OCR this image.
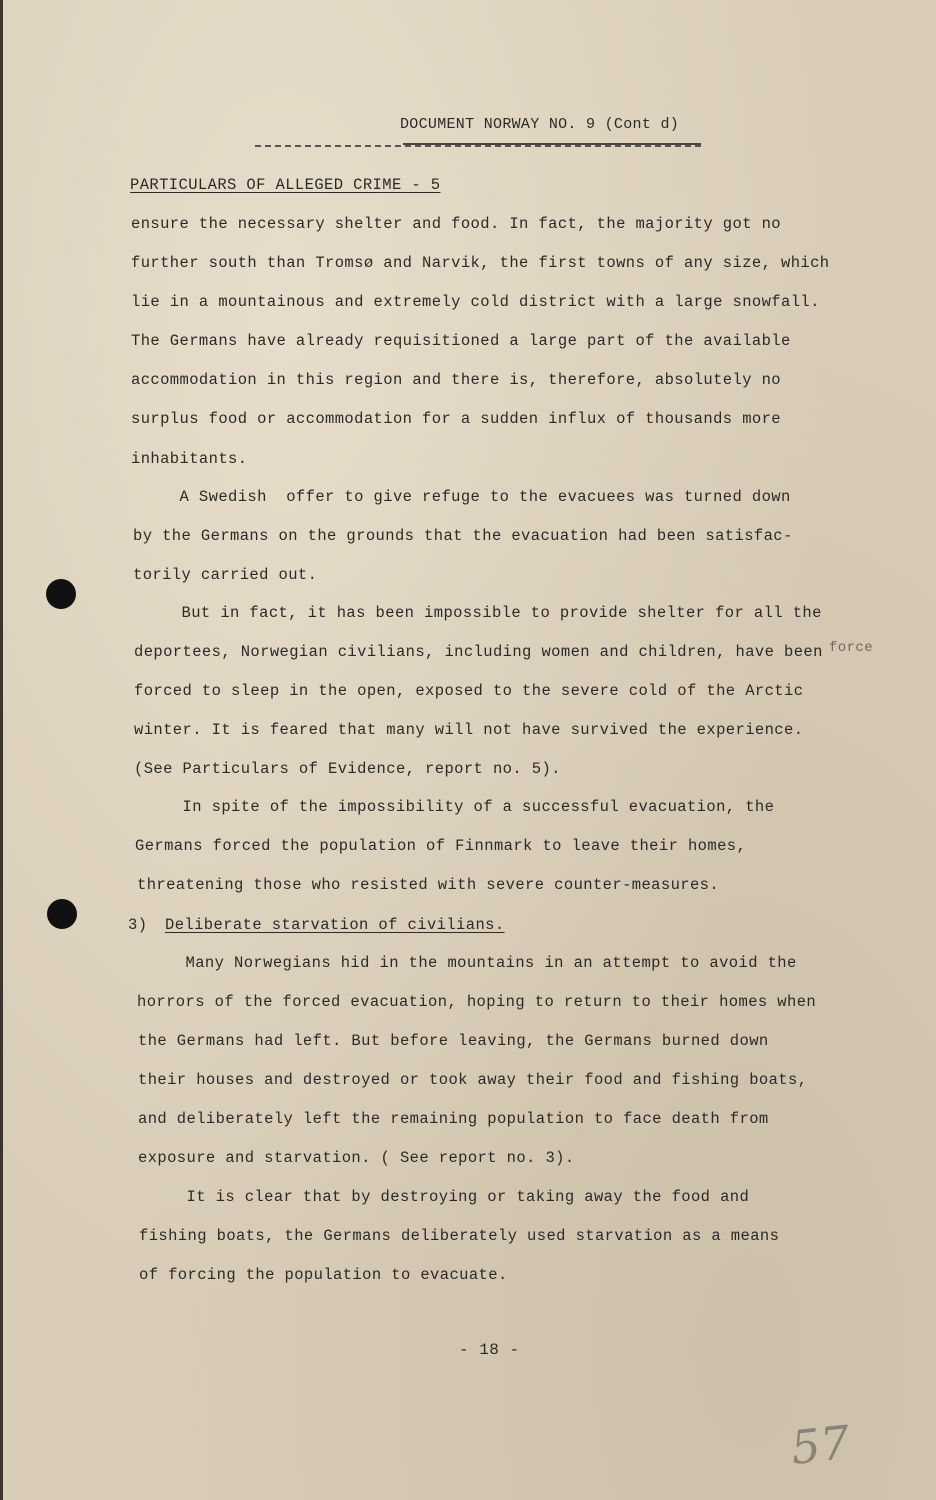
DOCUMENT NORWAY NO. 9 (Cont d)
PARTICULARS OF ALLEGED CRIME - 5
ensure the necessary shelter and food. In fact, the majority got no
further south than Tromsø and Narvik, the first towns of any size, which
lie in a mountainous and extremely cold district with a large snowfall.
The Germans have already requisitioned a large part of the available
accommodation in this region and there is, therefore, absolutely no
surplus food or accommodation for a sudden influx of thousands more
inhabitants.
A Swedish  offer to give refuge to the evacuees was turned down
by the Germans on the grounds that the evacuation had been satisfac-
torily carried out.
But in fact, it has been impossible to provide shelter for all the
deportees, Norwegian civilians, including women and children, have been force
forced to sleep in the open, exposed to the severe cold of the Arctic
winter. It is feared that many will not have survived the experience.
(See Particulars of Evidence, report no. 5).
In spite of the impossibility of a successful evacuation, the
Germans forced the population of Finnmark to leave their homes,
threatening those who resisted with severe counter-measures.
3) Deliberate starvation of civilians.
Many Norwegians hid in the mountains in an attempt to avoid the
horrors of the forced evacuation, hoping to return to their homes when
the Germans had left. But before leaving, the Germans burned down
their houses and destroyed or took away their food and fishing boats,
and deliberately left the remaining population to face death from
exposure and starvation. ( See report no. 3).
It is clear that by destroying or taking away the food and
fishing boats, the Germans deliberately used starvation as a means
of forcing the population to evacuate.
- 18 -
57
